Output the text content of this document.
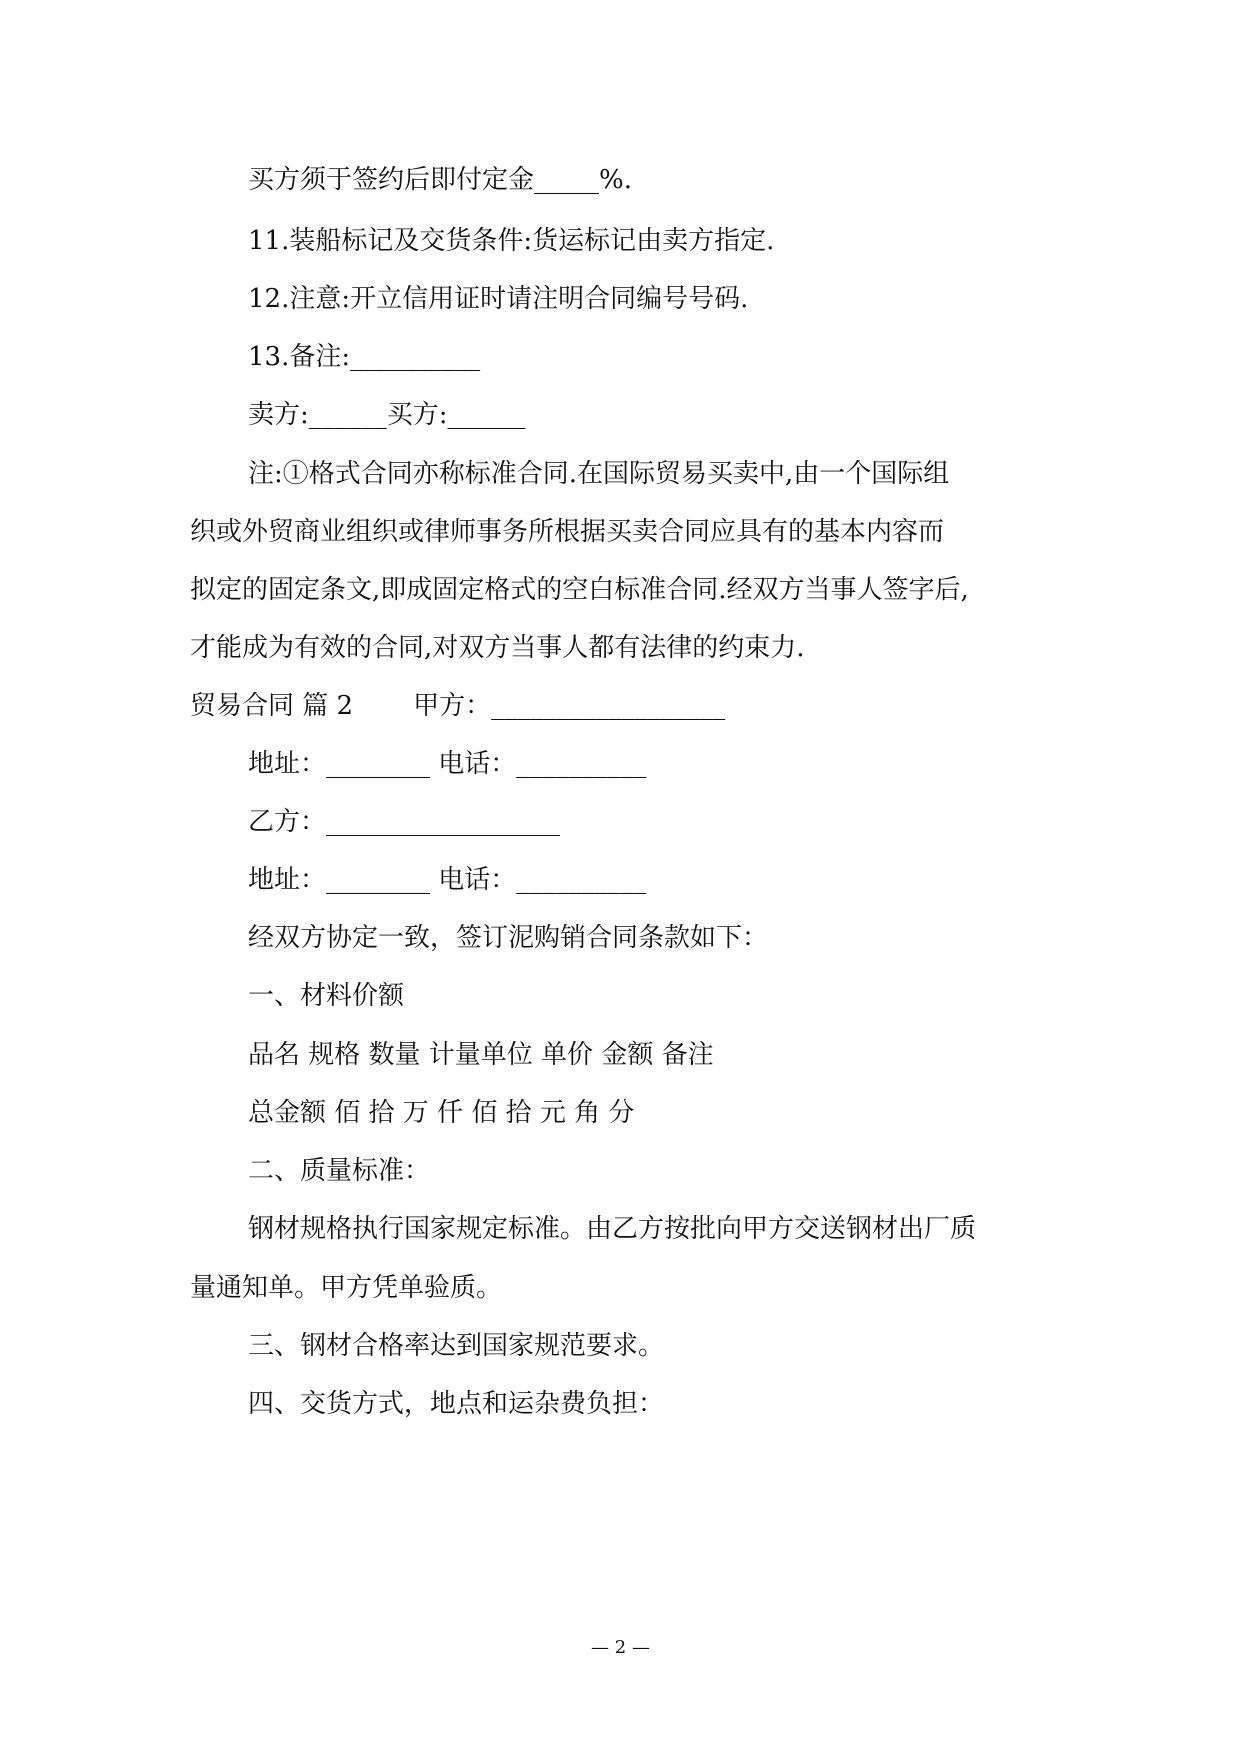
买方须于签约后即付定金_____%.
11.装船标记及交货条件:货运标记由卖方指定.
12.注意:开立信用证时请注明合同编号号码.
13.备注:__________
卖方:______买方:______
注:①格式合同亦称标准合同.在国际贸易买卖中,由一个国际组
织或外贸商业组织或律师事务所根据买卖合同应具有的基本内容而
拟定的固定条文,即成固定格式的空白标准合同.经双方当事人签字后,
才能成为有效的合同,对双方当事人都有法律的约束力.
贸易合同 篇 2 甲方：__________________
地址：________ 电话：__________
乙方：__________________
地址：________ 电话：__________
经双方协定一致，签订泥购销合同条款如下：
一、材料价额
品名 规格 数量 计量单位 单价 金额 备注
总金额 佰 拾 万 仟 佰 拾 元 角 分
二、质量标准：
钢材规格执行国家规定标准。由乙方按批向甲方交送钢材出厂质
量通知单。甲方凭单验质。
三、钢材合格率达到国家规范要求。
四、交货方式，地点和运杂费负担：
— 2 —
